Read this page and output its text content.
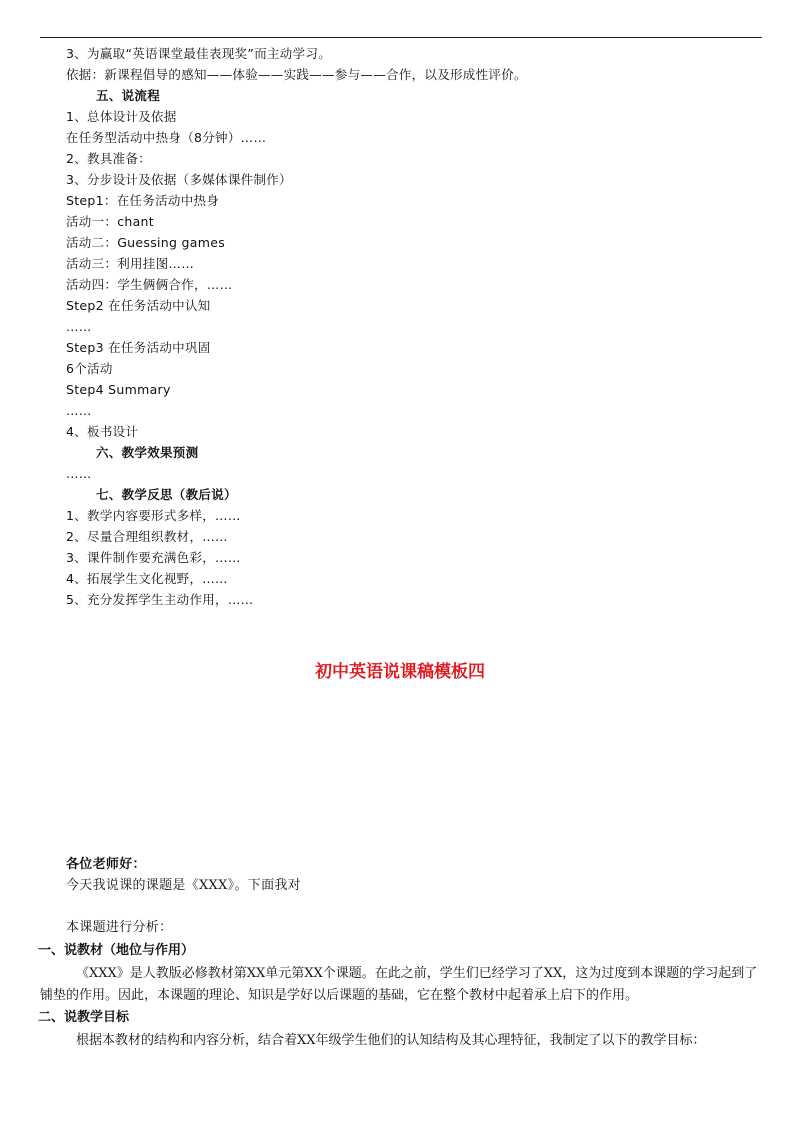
3、为赢取“英语课堂最佳表现奖”而主动学习。
依据：新课程倡导的感知——体验——实践——参与——合作，以及形成性评价。
五、说流程
1、总体设计及依据
在任务型活动中热身（8分钟）……
2、教具准备：
3、分步设计及依据（多媒体课件制作）
Step1：在任务活动中热身
活动一：chant
活动二：Guessing games
活动三：利用挂图……
活动四：学生俩俩合作，……
Step2 在任务活动中认知
……
Step3 在任务活动中巩固
6个活动
Step4 Summary
……
4、板书设计
六、教学效果预测
……
七、教学反思（教后说）
1、教学内容要形式多样，……
2、尽量合理组织教材，……
3、课件制作要充满色彩，……
4、拓展学生文化视野，……
5、充分发挥学生主动作用，……
初中英语说课稿模板四
各位老师好：
今天我说课的课题是《XXX》。下面我对
本课题进行分析：
一、说教材（地位与作用）
《XXX》是人教版必修教材第XX单元第XX个课题。在此之前，学生们已经学习了XX，这为过度到本课题的学习起到了铺垫的作用。因此，本课题的理论、知识是学好以后课题的基础，它在整个教材中起着承上启下的作用。
二、说教学目标
根据本教材的结构和内容分析，结合着XX年级学生他们的认知结构及其心理特征，我制定了以下的教学目标：
